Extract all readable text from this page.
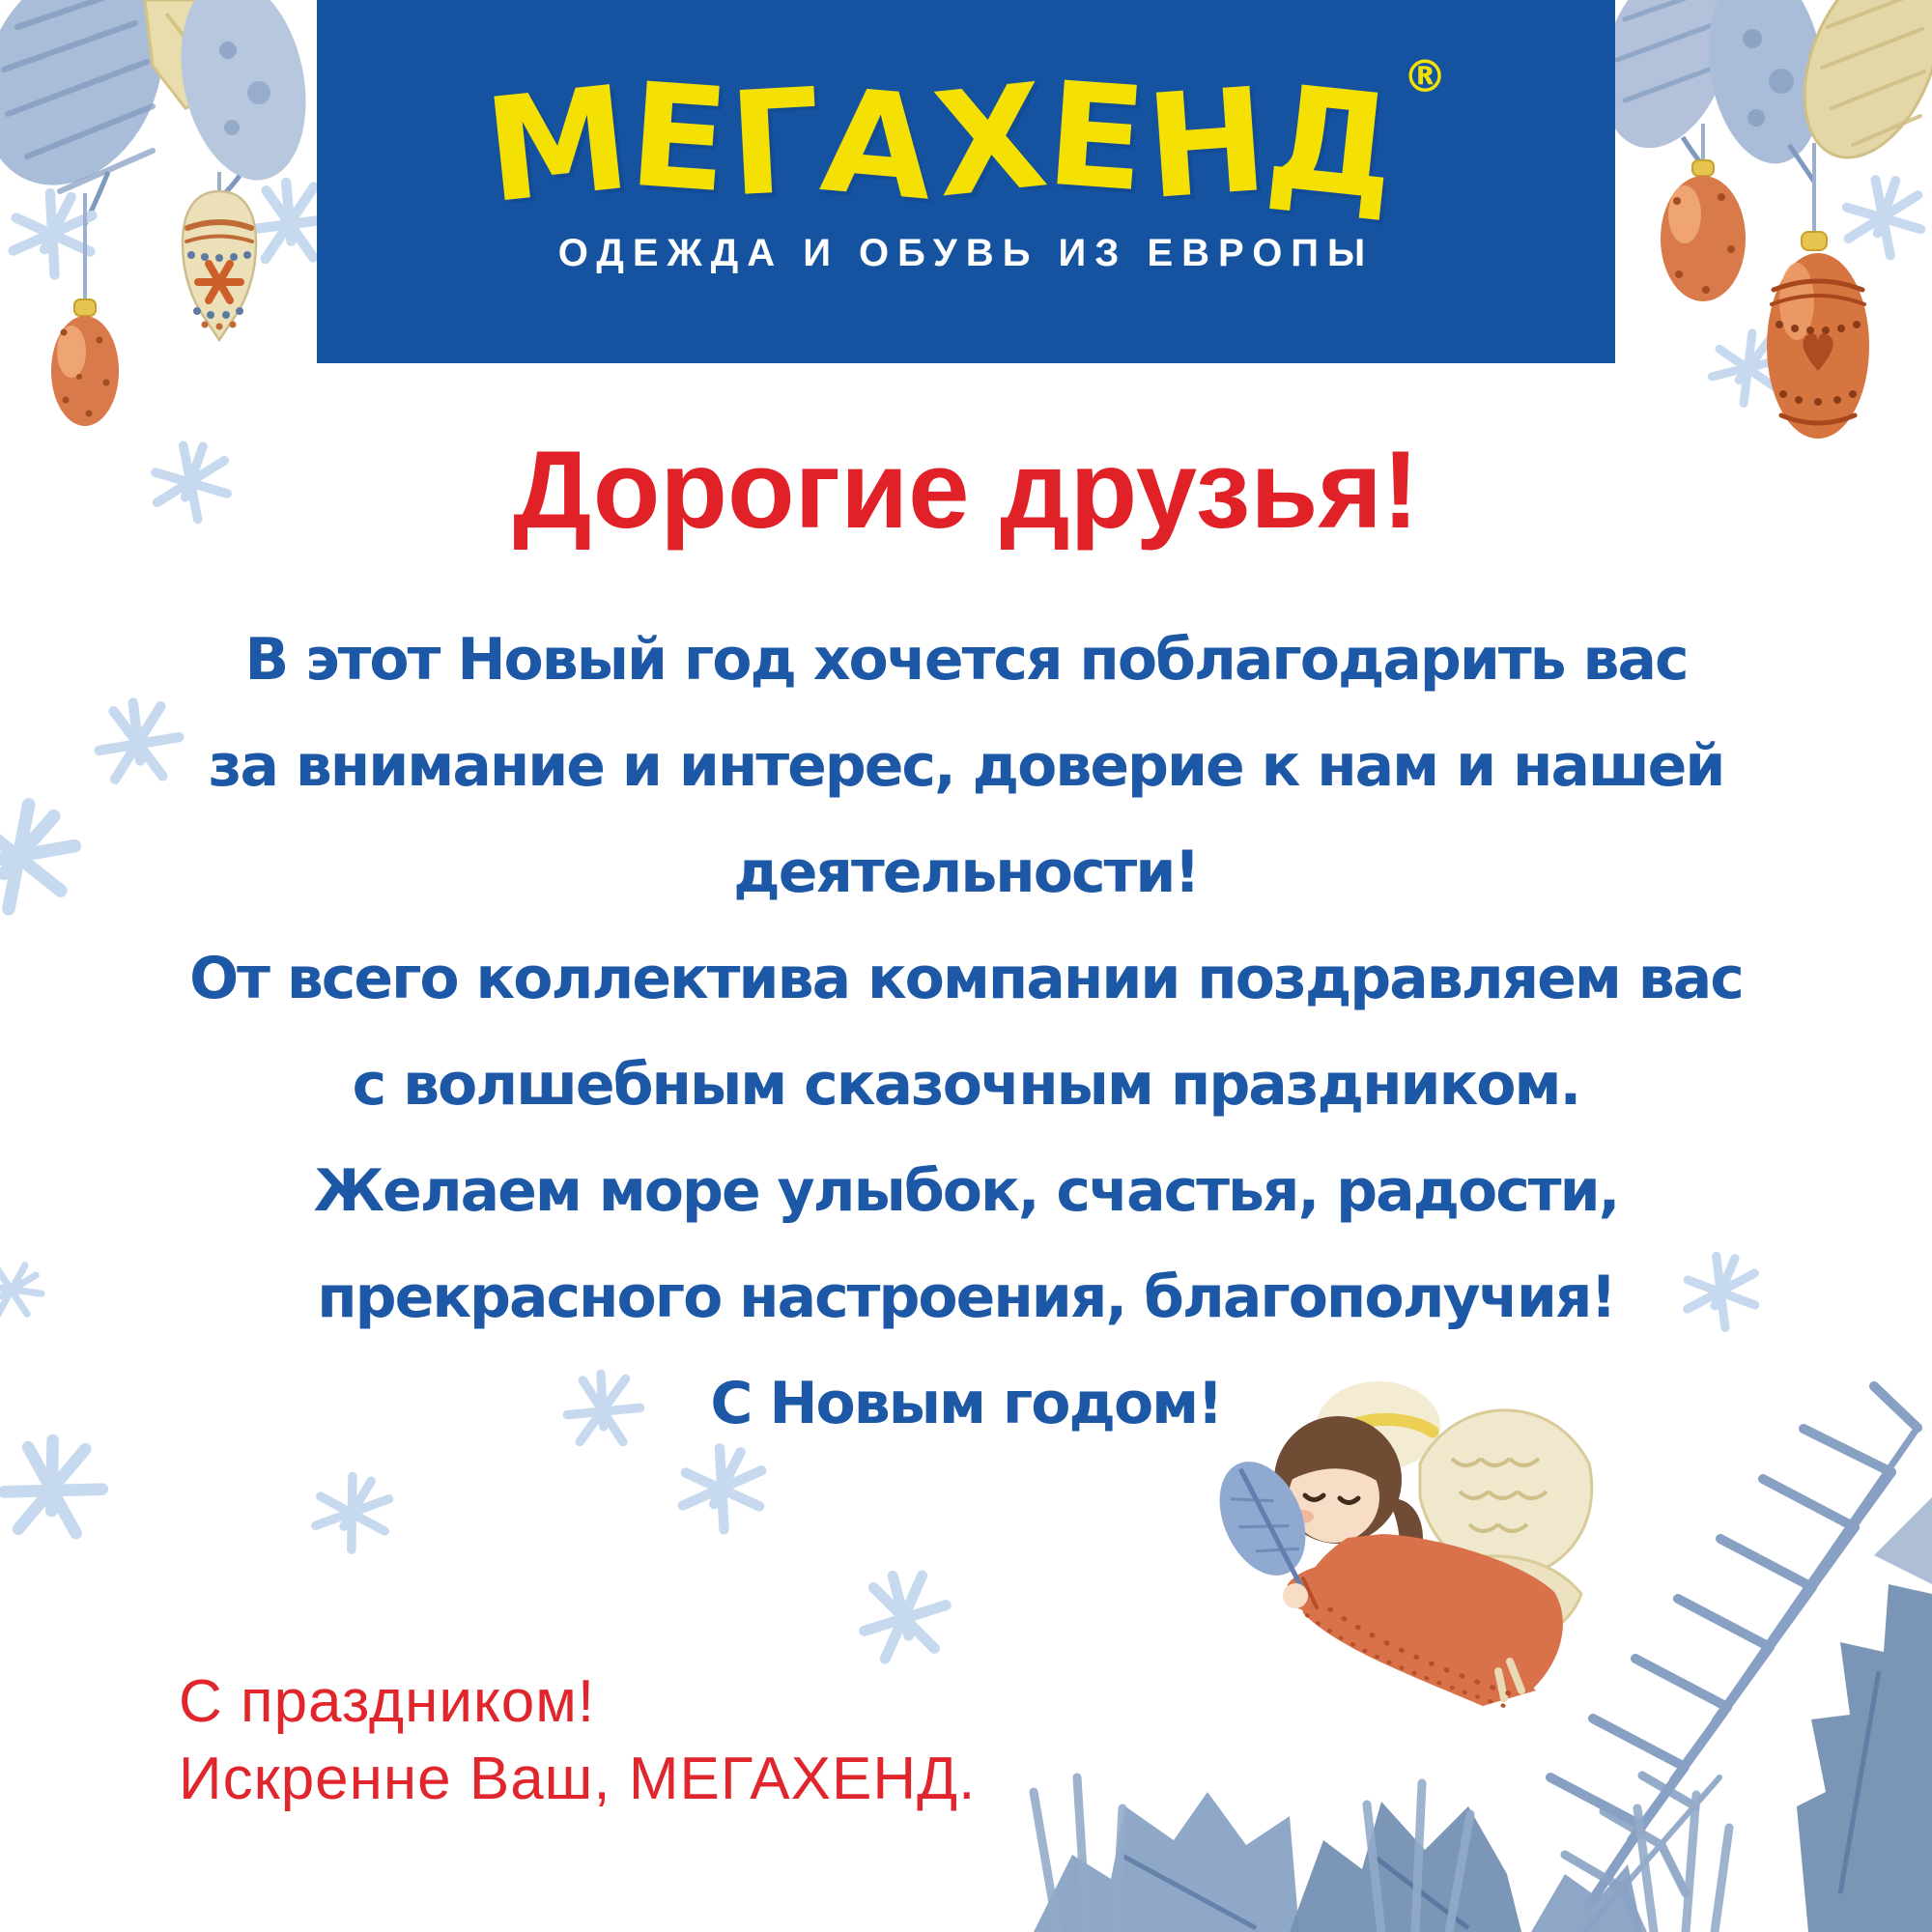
М
Е
Г
А
Х
Е
Н
Д
®
ОДЕЖДА И ОБУВЬ ИЗ ЕВРОПЫ
Дорогие друзья!
В этот Новый год хочется поблагодарить вас
за внимание и интерес, доверие к нам и нашей
деятельности!
От всего коллектива компании поздравляем вас
с волшебным сказочным праздником.
Желаем море улыбок, счастья, радости,
прекрасного настроения, благополучия!
С Новым годом!
С праздником!
Искренне Ваш, МЕГАХЕНД.
